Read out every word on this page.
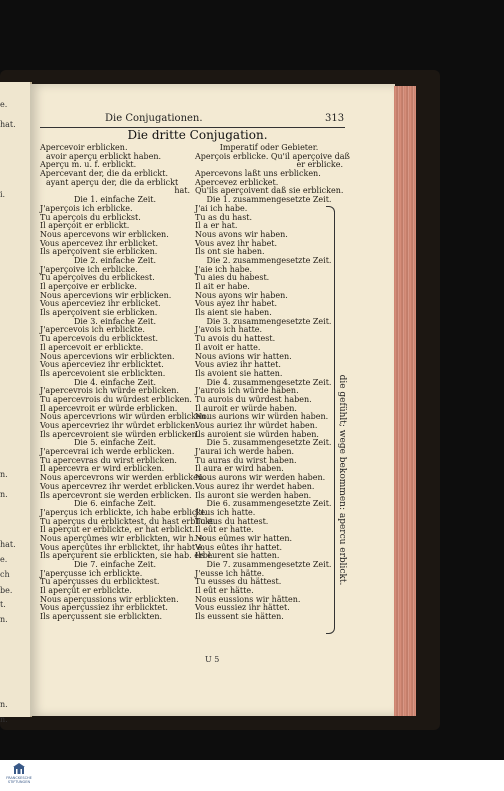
e.
hat.
i.
n.
n.
hat.
e.
ch
be.
t.
n.
n.
n.
Die Conjugationen.	313
Die dritte Conjugation.
Apercevoir erblicken.
avoir aperçu erblickt haben.
Aperçu m. u. f. erblickt.
Apercevant der, die da erblickt.
ayant aperçu der, die da erblickt
hat.
Die 1. einfache Zeit.
J'aperçois ich erblicke.
Tu aperçois du erblickst.
Il aperçoit er erblickt.
Nous apercevons wir erblicken.
Vous apercevez ihr erblicket.
Ils aperçoivent sie erblicken.
Die 2. einfache Zeit.
J'aperçoive ich erblicke.
Tu aperçoives du erblickest.
Il aperçoive er erblicke.
Nous apercevions wir erblicken.
Vous aperceviez ihr erblicket.
Ils aperçoivent sie erblicken.
Die 3. einfache Zeit.
J'apercevois ich erblickte.
Tu apercevois du erblicktest.
Il apercevoit er erblickte.
Nous apercevions wir erblickten.
Vous aperceviez ihr erblicktet.
Ils apercevoient sie erblickten.
Die 4. einfache Zeit.
J'apercevrois ich würde erblicken.
Tu apercevrois du würdest erblicken.
Il apercevroit er würde erblicken.
Nous apercevrions wir würden erblicken.
Vous apercevriez ihr würdet erblicken.
Ils apercevroient sie würden erblicken.
Die 5. einfache Zeit.
J'apercevrai ich werde erblicken.
Tu apercevras du wirst erblicken.
Il apercevra er wird erblicken.
Nous apercevrons wir werden erblicken.
Vous apercevrez ihr werdet erblicken.
Ils apercevront sie werden erblicken.
Die 6. einfache Zeit.
J'aperçus ich erblickte, ich habe erblickt.
Tu aperçus du erblicktest, du hast erblickt.
Il aperçut er erblickte, er hat erblickt.
Nous aperçûmes wir erblickten, wir h. e.
Vous aperçûtes ihr erblicktet, ihr habt e.
Ils aperçurent sie erblickten, sie hab. erbl.
Die 7. einfache Zeit.
J'aperçusse ich erblickte.
Tu aperçusses du erblicktest.
Il aperçût er erblickte.
Nous aperçussions wir erblickten.
Vous aperçussiez ihr erblicktet.
Ils aperçussent sie erblickten.
Imperatif oder Gebieter.
Aperçois erblicke. Qu'il aperçoive daß
er erblicke.
Apercevons laßt uns erblicken.
Apercevez erblicket.
Qu'ils aperçoivent daß sie erblicken.
Die 1. zusammengesetzte Zeit.
J'ai ich habe.
Tu as du hast.
Il a er hat.
Nous avons wir haben.
Vous avez ihr habet.
Ils ont sie haben.
Die 2. zusammengesetzte Zeit.
J'aie ich habe.
Tu aies du habest.
Il ait er habe.
Nous ayons wir haben.
Vous ayez ihr habet.
Ils aient sie haben.
Die 3. zusammengesetzte Zeit.
J'avois ich hatte.
Tu avois du hattest.
Il avoit er hatte.
Nous avions wir hatten.
Vous aviez ihr hattet.
Ils avoient sie hatten.
Die 4. zusammengesetzte Zeit.
J'aurois ich würde haben.
Tu aurois du würdest haben.
Il auroit er würde haben.
Nous aurions wir würden haben.
Vous auriez ihr würdet haben.
Ils auroient sie würden haben.
Die 5. zusammengesetzte Zeit.
J'aurai ich werde haben.
Tu auras du wirst haben.
Il aura er wird haben.
Nous aurons wir werden haben.
Vous aurez ihr werdet haben.
Ils auront sie werden haben.
Die 6. zusammengesetzte Zeit.
J'eus ich hatte.
Tu eus du hattest.
Il eût er hatte.
Nous eûmes wir hatten.
Vous eûtes ihr hattet.
Ils eurent sie hatten.
Die 7. zusammengesetzte Zeit.
J'eusse ich hätte.
Tu eusses du hättest.
Il eût er hätte.
Nous eussions wir hätten.
Vous eussiez ihr hättet.
Ils eussent sie hätten.
die gefühlt; wege bekommen: apercu erblickt.
U 5
FRANCKESCHE STIFTUNGEN
